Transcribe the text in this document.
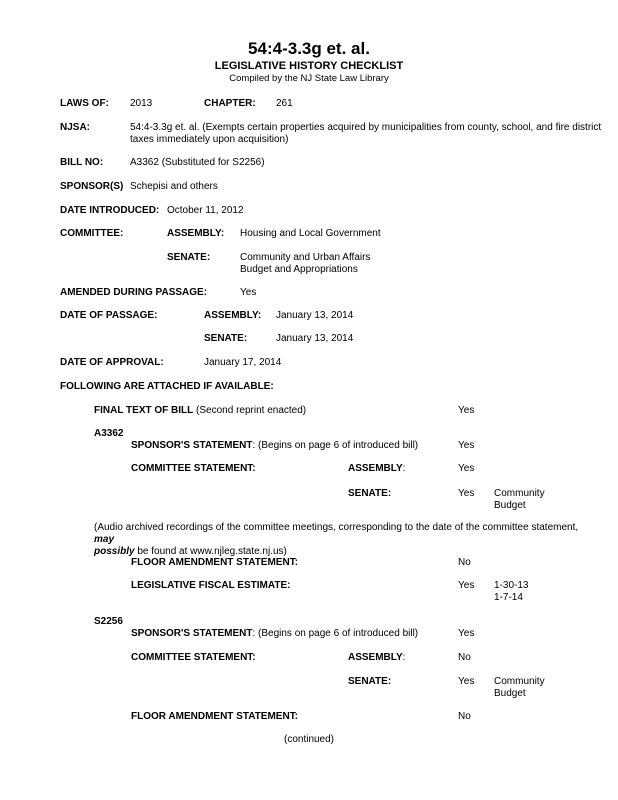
54:4-3.3g et. al.
LEGISLATIVE HISTORY CHECKLIST
Compiled by the NJ State Law Library
LAWS OF: 2013	CHAPTER: 261
NJSA:	54:4-3.3g et. al. (Exempts certain properties acquired by municipalities from county, school, and fire district
taxes immediately upon acquisition)
BILL NO:	A3362 (Substituted for S2256)
SPONSOR(S) Schepisi and others
DATE INTRODUCED: October 11, 2012
COMMITTEE:	ASSEMBLY: Housing and Local Government
SENATE:	Community and Urban Affairs
Budget and Appropriations
AMENDED DURING PASSAGE:	Yes
DATE OF PASSAGE:	ASSEMBLY: January 13, 2014
SENATE:	January 13, 2014
DATE OF APPROVAL:	January 17, 2014
FOLLOWING ARE ATTACHED IF AVAILABLE:
FINAL TEXT OF BILL (Second reprint enacted)	Yes
A3362
SPONSOR'S STATEMENT: (Begins on page 6 of introduced bill)	Yes
COMMITTEE STATEMENT:	ASSEMBLY:	Yes
SENATE:	Yes Community
Budget
(Audio archived recordings of the committee meetings, corresponding to the date of the committee statement, may
possibly be found at www.njleg.state.nj.us)
FLOOR AMENDMENT STATEMENT:	No
LEGISLATIVE FISCAL ESTIMATE:	Yes 1-30-13
1-7-14
S2256
SPONSOR'S STATEMENT: (Begins on page 6 of introduced bill)	Yes
COMMITTEE STATEMENT:	ASSEMBLY:	No
SENATE:	Yes Community
Budget
FLOOR AMENDMENT STATEMENT:	No
(continued)
